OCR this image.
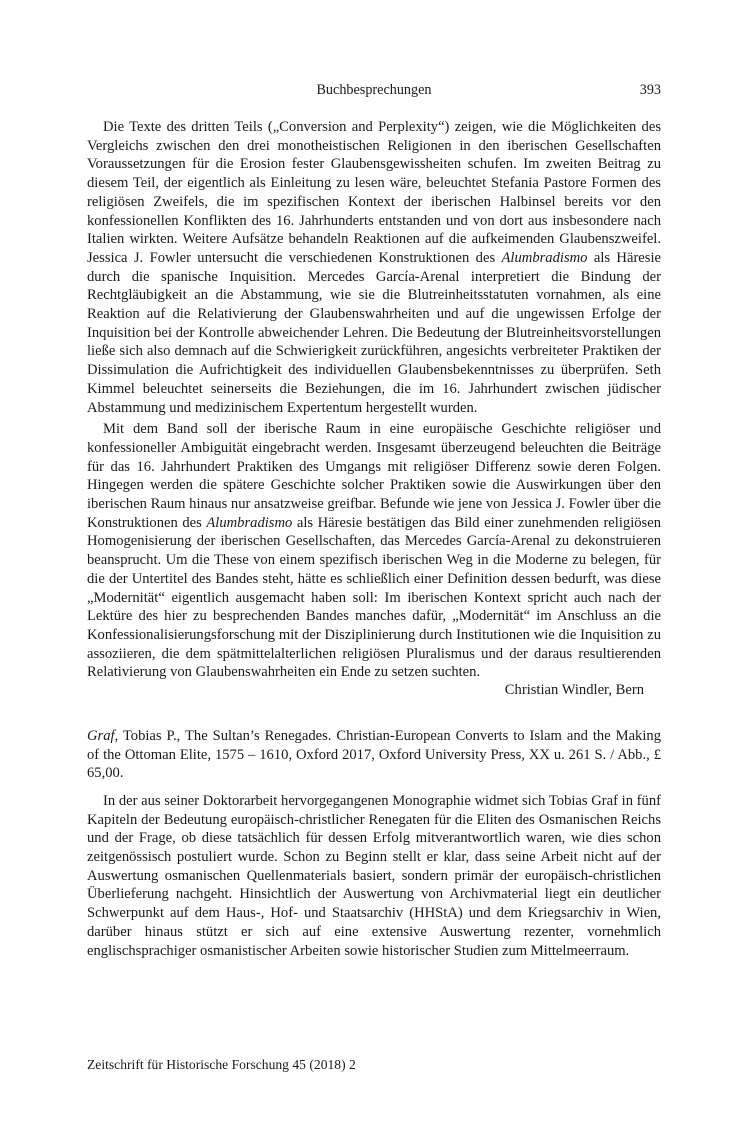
Buchbesprechungen	393

Die Texte des dritten Teils („Conversion and Perplexity“) zeigen, wie die Möglichkeiten des Vergleichs zwischen den drei monotheistischen Religionen in den iberischen Gesellschaften Voraussetzungen für die Erosion fester Glaubensgewissheiten schufen. Im zweiten Beitrag zu diesem Teil, der eigentlich als Einleitung zu lesen wäre, beleuchtet Stefania Pastore Formen des religiösen Zweifels, die im spezifischen Kontext der iberischen Halbinsel bereits vor den konfessionellen Konflikten des 16. Jahrhunderts entstanden und von dort aus insbesondere nach Italien wirkten. Weitere Aufsätze behandeln Reaktionen auf die aufkeimenden Glaubenszweifel. Jessica J. Fowler untersucht die verschiedenen Konstruktionen des Alumbradismo als Häresie durch die spanische Inquisition. Mercedes García-Arenal interpretiert die Bindung der Rechtgläubigkeit an die Abstammung, wie sie die Blutreinheitsstatuten vornahmen, als eine Reaktion auf die Relativierung der Glaubenswahrheiten und auf die ungewissen Erfolge der Inquisition bei der Kontrolle abweichender Lehren. Die Bedeutung der Blutreinheitsvorstellungen ließe sich also demnach auf die Schwierigkeit zurückführen, angesichts verbreiteter Praktiken der Dissimulation die Aufrichtigkeit des individuellen Glaubensbekenntnisses zu überprüfen. Seth Kimmel beleuchtet seinerseits die Beziehungen, die im 16. Jahrhundert zwischen jüdischer Abstammung und medizinischem Expertentum hergestellt wurden.

Mit dem Band soll der iberische Raum in eine europäische Geschichte religiöser und konfessioneller Ambiguität eingebracht werden. Insgesamt überzeugend beleuchten die Beiträge für das 16. Jahrhundert Praktiken des Umgangs mit religiöser Differenz sowie deren Folgen. Hingegen werden die spätere Geschichte solcher Praktiken sowie die Auswirkungen über den iberischen Raum hinaus nur ansatzweise greifbar. Befunde wie jene von Jessica J. Fowler über die Konstruktionen des Alumbradismo als Häresie bestätigen das Bild einer zunehmenden religiösen Homogenisierung der iberischen Gesellschaften, das Mercedes García-Arenal zu dekonstruieren beansprucht. Um die These von einem spezifisch iberischen Weg in die Moderne zu belegen, für die der Untertitel des Bandes steht, hätte es schließlich einer Definition dessen bedurft, was diese „Modernität“ eigentlich ausgemacht haben soll: Im iberischen Kontext spricht auch nach der Lektüre des hier zu besprechenden Bandes manches dafür, „Modernität“ im Anschluss an die Konfessionalisierungsforschung mit der Disziplinierung durch Institutionen wie die Inquisition zu assoziieren, die dem spätmittelalterlichen religiösen Pluralismus und der daraus resultierenden Relativierung von Glaubenswahrheiten ein Ende zu setzen suchten.

Christian Windler, Bern

Graf, Tobias P., The Sultan’s Renegades. Christian-European Converts to Islam and the Making of the Ottoman Elite, 1575 – 1610, Oxford 2017, Oxford University Press, XX u. 261 S. / Abb., £ 65,00.

In der aus seiner Doktorarbeit hervorgegangenen Monographie widmet sich Tobias Graf in fünf Kapiteln der Bedeutung europäisch-christlicher Renegaten für die Eliten des Osmanischen Reichs und der Frage, ob diese tatsächlich für dessen Erfolg mitverantwortlich waren, wie dies schon zeitgenössisch postuliert wurde. Schon zu Beginn stellt er klar, dass seine Arbeit nicht auf der Auswertung osmanischen Quellenmaterials basiert, sondern primär der europäisch-christlichen Überlieferung nachgeht. Hinsichtlich der Auswertung von Archivmaterial liegt ein deutlicher Schwerpunkt auf dem Haus-, Hof- und Staatsarchiv (HHStA) und dem Kriegsarchiv in Wien, darüber hinaus stützt er sich auf eine extensive Auswertung rezenter, vornehmlich englischsprachiger osmanistischer Arbeiten sowie historischer Studien zum Mittelmeerraum.

Zeitschrift für Historische Forschung 45 (2018) 2
